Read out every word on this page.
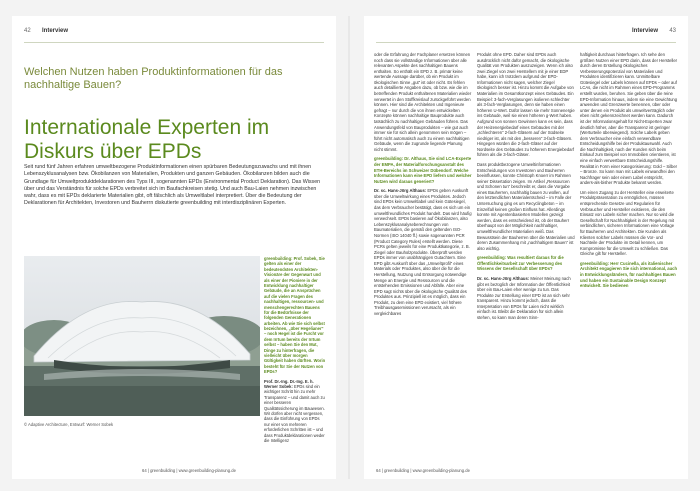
42 Interview
Welchen Nutzen haben Produktinformationen für das nachhaltige Bauen?
Internationale Experten im Diskurs über EPDs
Seit rund fünf Jahren erfahren umweltbezogene Produktinformationen einen spürbaren Bedeutungszuwachs und mit ihnen Lebenszyklusanalysen bzw. Ökobilanzen von Materialien, Produkten und ganzen Gebäuden. Ökobilanzen bilden auch die Grundlage für Umweltproduktdeklarationen des Typs III, sogenannten EPDs (Environmental Product Deklaration). Das Wissen über und das Verständnis für solche EPDs verbreitet sich im Baufachkreisen stetig. Und auch Bau-Laien nehmen inzwischen wahr, dass es mit EPDs deklarierte Materialien gibt, oft fälschlich als Umweltlabel interpretiert. Über die Bedeutung der Deklarationen für Architekten, Investoren und Bauherrn diskutierte greenbuilding mit interdisziplinären Experten.
© Adaptive Architecture, Entwurf: Werner Sobek

greenbuilding: Prof. Sobek, Sie gelten als einer der bedeutendsten Architekten-Visionäre der Gegenwart und als einer der Pioniere in der Entwicklung nachhaltiger Gebäude, die an Ansprüchen auf die vielen Fragen des nachhaltigen, ressourcen- und menschengerechten Bauens für die Bedürfnisse der folgenden Generationen arbeiten. Ab wie Sie sich selbst bezeichnen, „über Hegelianer“ – noch Hegel ist die Furcht vor dem Irrtum bereits der Irrtum selbst – haben Sie den Mut, Dinge zu hinterfragen, die vielleicht über morgen Gültigkeit haben dürften. Worin besteht für Sie der Nutzen von EPDs?

Prof. Dr.-Ing. Dr.-Ing. E. h. Werner Sobek: EPDs sind ein wichtiger Schritt hin zu mehr Transparenz – und damit auch zu einer besseren Qualitätssicherung im Bauwesen. Wir dürfen aber nicht vergessen, dass die Einführung von EPDs nur einer von mehreren erforderlichen Schritten ist – und dass Produktdeklarationen weder die Intelligenz

64 | greenbuilding | www.greenbuilding-planung.de
Interview 43

oder die Erfahrung der Fachplaner ersetzen können noch dass sie vollständige Informationen über alle relevanten Aspekte des nachhaltigen Bauens enthalten. So enthält ein EPD z. B. primär keine wertende Aussage darüber, ob ein Produkt im ökologischen Sinne „gut“ ist oder nicht. Es fehlen auch detaillierte Angaben dazu, ob bzw. wie die im betreffenden Produkt enthaltenen Materialien wieder verwertet in den Stoffkreislauf zurückgeführt werden können. Hier sind die Architekten und Ingenieure gefragt – nur durch die von ihnen entwickelten Konzepte können nachhaltige Bauprodukte auch tatsächlich zu nachhaltigen Gebäuden führen. Das Anwendungsfeld von Bauprodukten – wie gut auch immer sie für sich allein genommen sein mögen – führt nicht automatisch auch zu einem nachhaltigen Gebäude, wenn die zugrunde liegende Planung nicht stimmt.

greenbuilding: Dr. Althaus, Sie sind LCA-Experte der EMPA, der Materialforschungsanstalt des ETH-Bereichs im Schweizer Dübendorf. Welche Informationen kann eine EPD liefern und welcher Nutzen wird daraus generiert?

Dr. sc. Hans-Jörg Althaus: EPDs geben Auskunft über die Umweltwirkung eines Produktes. Jedoch sind EPDs kein Umweltlabel und kein Gütesiegel, das dem Verbraucher bestätigt, dass es sich um ein umweltfreundliches Produkt handelt. Das wird häufig verwechselt. EPDs basieren auf Ökobilanzen, also Lebenszyklusanalyseberechnungen von Baumaterialien, die gemäß den geltenden ISO-Normen (ISO 14040 ff.) sowie sogenannten PCR (Product Category Rules) erstellt werden. Diese PCRs gelten jeweils für eine Produktkategorie, z. B. Ziegel oder Bauholzprodukte. Überprüft werden EPDs immer von unabhängigen Gutachtern. Eine EPD gibt Auskunft über das „Umweltprofil“ eines Materials oder Produktes, also über die für die Herstellung, Nutzung und Entsorgung notwendige Menge an Energie und Ressourcen und die entstehenden Emissionen und Abfälle. Aber eine EPD sagt nichts über die ökologische Qualität des Produktes aus. Prinzipiell ist es möglich, dass ein Produkt, zu dem eine EPD existiert, viel höhere Treibhausgasemissionen verursacht, als ein vergleichbares

Produkt ohne EPD. Daher sind EPDs auch ausdrücklich nicht dafür gemacht, die ökologische Qualität von Produkten auszuzeigen. Wenn ich also zwei Ziegel von zwei Herstellern mit je einer EDP habe, kann ich trotzdem aufgrund der EPD-Informationen nicht sagen, welcher Ziegel ökologisch besser ist. Hinzu kommt die Aufgabe von Materialien im Gesamtkonzept eines Gebäudes. Ein Beispiel: 3-fach-Verglasungen isolieren schlechter als 3-fach-Verglasungen, denn sie haben einen höheren U-Wert. Dafür lassen sie mehr Sonnenergie ins Gebäude, weil sie einen höheren g-Wert haben. Aufgrund von sonnen Gewinnen kann es sein, dass der Heizenergiebedarf eines Gebäudes mit der „schlechteren“ 2-fach-Gläsern auf der Südseite niedriger ist, als mit den „besseren“ 3-fach-Gläsern. Hingegen würden die 2-fach-Gläser auf der Nordseite des Gebäudes zu höherem Energiebedarf führen als die 3-fach-Gläser.

Dass produktbezogene Umweltinformationen Entscheidungen von Investoren und Bauherren beeinflussen, konnte Christoph Knoerr im Rahmen seiner Dissertation zeigen. Im Artikel „Ressourcen und Schonen tun“ beschreibt er, dass die Vorgabe eines Bauherren, nachhaltig bauen zu wollen, auf den letztendlichen Materialentscheid – im Falle der Untersuchung ging es um Recyclingbeton – im Einzelfall keinen großen Einfluss hat. Allerdings konnte mit Agentenbasierten Modellen gezeigt werden, dass es entscheidend ist, ob der Bauherr überhaupt von der Möglichkeit nachhaltiger, umweltfreundlicher Materialien weiß. Das Bewusstsein der Bauherren über die Materialien und deren Zusammenhang mit „nachhaltigem Bauen“ ist also wichtig.

greenbuilding: Was resultiert daraus für die Öffentlichkeitsarbeit zur Verbesserung des Wissens der Gesellschaft über EPDs?

Dr. sc. Hans-Jörg Althaus: Meiner Meinung nach gibt es bezüglich der Information der Öffentlichkeit über ein Bau-Laien eher wenige zu tun. Das Produkte zur Erstellung einer EPD ist an sich sehr transparent. Hinzu kommt jedoch, dass die Interpretation von EPDs für Laien nicht wirklich einfach ist. Bleibt die Deklaration für sich allein stehen, so kann man deren Sinn-

haftigkeit durchaus hinterfragen. Ich sehe den größten Nutzen einer EPD darin, dass der Hersteller durch deren Erstellung ökologisches Verbesserungspotenzial von Materialien und Produkten identifizieren kann. Unmittelbare Gütesiegel oder Labels können auf EPDs – oder auf LCAs, die nicht im Rahmen eines EPD-Programms erstellt wurden, beruhen. Sie geben über die reine EPD-Information hinaus, indem sie eine Gewichtung anwenden und Grenzwerte benennen, über oder unter denen ein Produkt als umweltverträglich oder eben nicht gekennzeichnet werden kann. Dadurch ist der Informationsgehalt für Nicht-Experten zwar deutlich höher, aber die Transparenz ist geringer (Werturteile überwiegend). Solche Labels geben dem Verbraucher eine einfach verwendbare Entscheidungshilfe bei der Produktauswahl. Auch die Nachhaltigkeit, nach der Kunden sich beim Einkauf zum Beispiel von Immobilien orientieren, ist eine einfach verwertbare Entscheidungshilfe. Realität in Form einer Kategorisierung: Gold – Silber – Bronze. So kann man mit Labels einwandfrei den Nachfrager sein oder einem Label entspricht, anders-als-bisher Produkte bekannt werden.

Um einen Zugang zu der Hersteller eine erweiterte Produktpräsentation zu ermöglichen, müssen entsprechende Gesetze und Regularien für Verbraucher und Hersteller existieren, die den Einsatz von Labeln sicher machen. Nur so wird die Gesellschaft für Nachhaltigkeit in der Regelung mit verbindlichen, sicheren Informationen eine Vorlage für Bauherren und Architekten. Die Kunden als Klienten solcher Labels müssen die Vor- und Nachteile der Produkte im Detail kennen, um Kompromisse für die Umwelt zu schließen. Das Gleiche gilt für Hersteller.

greenbuilding: Herr Cucinella, als italienischer Architekt engagieren Sie sich international, auch in Entwicklungsländern, für nachhaltiges Bauen und haben ein Sustainable Design Konzept entwickelt. Sie bedienen

64 | greenbuilding | www.greenbuilding-planung.de
